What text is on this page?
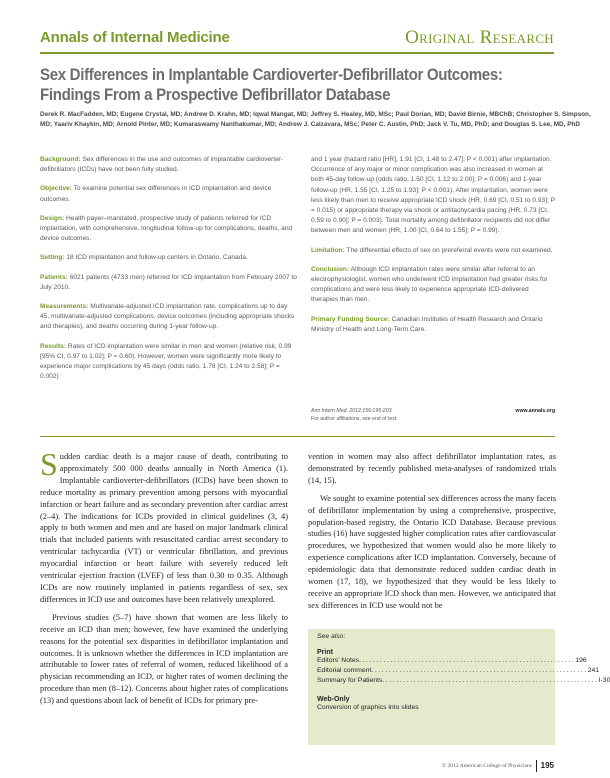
Annals of Internal Medicine	Original Research
Sex Differences in Implantable Cardioverter-Defibrillator Outcomes: Findings From a Prospective Defibrillator Database
Derek R. MacFadden, MD; Eugene Crystal, MD; Andrew D. Krahn, MD; Iqwal Mangat, MD; Jeffrey S. Healey, MD, MSc; Paul Dorian, MD; David Birnie, MBChB; Christopher S. Simpson, MD; Yaariv Khaykin, MD; Arnold Pinter, MD; Kumaraswamy Nanthakumar, MD; Andrew J. Calzavara, MSc; Peter C. Austin, PhD; Jack V. Tu, MD, PhD; and Douglas S. Lee, MD, PhD

Background: Sex differences in the use and outcomes of implantable cardioverter-defibrillators (ICDs) have not been fully studied.

Objective: To examine potential sex differences in ICD implantation and device outcomes.

Design: Health payer–mandated, prospective study of patients referred for ICD implantation, with comprehensive, longitudinal follow-up for complications, deaths, and device outcomes.

Setting: 18 ICD implantation and follow-up centers in Ontario, Canada.

Patients: 6021 patients (4733 men) referred for ICD implantation from February 2007 to July 2010.

Measurements: Multivariate-adjusted ICD implantation rate, complications up to day 45, multivariate-adjusted complications, device outcomes (including appropriate shocks and therapies), and deaths occurring during 1-year follow-up.

Results: Rates of ICD implantation were similar in men and women (relative risk, 0.99 [95% CI, 0.97 to 1.02]; P = 0.60). However, women were significantly more likely to experience major complications by 45 days (odds ratio, 1.78 [CI, 1.24 to 2.58]; P = 0.002)

and 1 year (hazard ratio [HR], 1.91 [CI, 1.48 to 2.47]; P < 0.001) after implantation. Occurrence of any major or minor complication was also increased in women at both 45-day follow-up (odds ratio, 1.50 [CI, 1.12 to 2.00]; P = 0.006) and 1-year follow-up (HR, 1.55 [CI, 1.25 to 1.93]; P < 0.001). After implantation, women were less likely than men to receive appropriate ICD shock (HR, 0.69 [CI, 0.51 to 0.93]; P = 0.015) or appropriate therapy via shock or antitachycardia pacing (HR, 0.73 [CI, 0.59 to 0.90]; P = 0.003). Total mortality among defibrillator recipients did not differ between men and women (HR, 1.00 [CI, 0.64 to 1.55]; P = 0.99).

Limitation: The differential effects of sex on prereferral events were not examined.

Conclusion: Although ICD implantation rates were similar after referral to an electrophysiologist, women who underwent ICD implantation had greater risks for complications and were less likely to experience appropriate ICD-delivered therapies than men.

Primary Funding Source: Canadian Institutes of Health Research and Ontario Ministry of Health and Long-Term Care.

Ann Intern Med. 2012;156:195-203.
For author affiliations, see end of text.
www.annals.org

Sudden cardiac death is a major cause of death, contributing to approximately 500 000 deaths annually in North America (1). Implantable cardioverter-defibrillators (ICDs) have been shown to reduce mortality as primary prevention among persons with myocardial infarction or heart failure and as secondary prevention after cardiac arrest (2–4). The indications for ICDs provided in clinical guidelines (3, 4) apply to both women and men and are based on major landmark clinical trials that included patients with resuscitated cardiac arrest secondary to ventricular tachycardia (VT) or ventricular fibrillation, and previous myocardial infarction or heart failure with severely reduced left ventricular ejection fraction (LVEF) of less than 0.30 to 0.35. Although ICDs are now routinely implanted in patients regardless of sex, sex differences in ICD use and outcomes have been relatively unexplored.

Previous studies (5–7) have shown that women are less likely to receive an ICD than men; however, few have examined the underlying reasons for the potential sex disparities in defibrillator implantation and outcomes. It is unknown whether the differences in ICD implantation are attributable to lower rates of referral of women, reduced likelihood of a physician recommending an ICD, or higher rates of women declining the procedure than men (8–12). Concerns about higher rates of complications (13) and questions about lack of benefit of ICDs for primary pre-

vention in women may also affect defibrillator implantation rates, as demonstrated by recently published meta-analyses of randomized trials (14, 15).

We sought to examine potential sex differences across the many facets of defibrillator implementation by using a comprehensive, prospective, population-based registry, the Ontario ICD Database. Because previous studies (16) have suggested higher complication rates after cardiovascular procedures, we hypothesized that women would also be more likely to experience complications after ICD implantation. Conversely, because of epidemiologic data that demonstrate reduced sudden cardiac death in women (17, 18), we hypothesized that they would be less likely to receive an appropriate ICD shock than men. However, we anticipated that sex differences in ICD use would not be

See also:
Print
Editors’ Notes .............................................................. 196
Editorial comment .............................................................. 241
Summary for Patients .............................................................. I-30
Web-Only
Conversion of graphics into slides
© 2012 American College of Physicians	195
